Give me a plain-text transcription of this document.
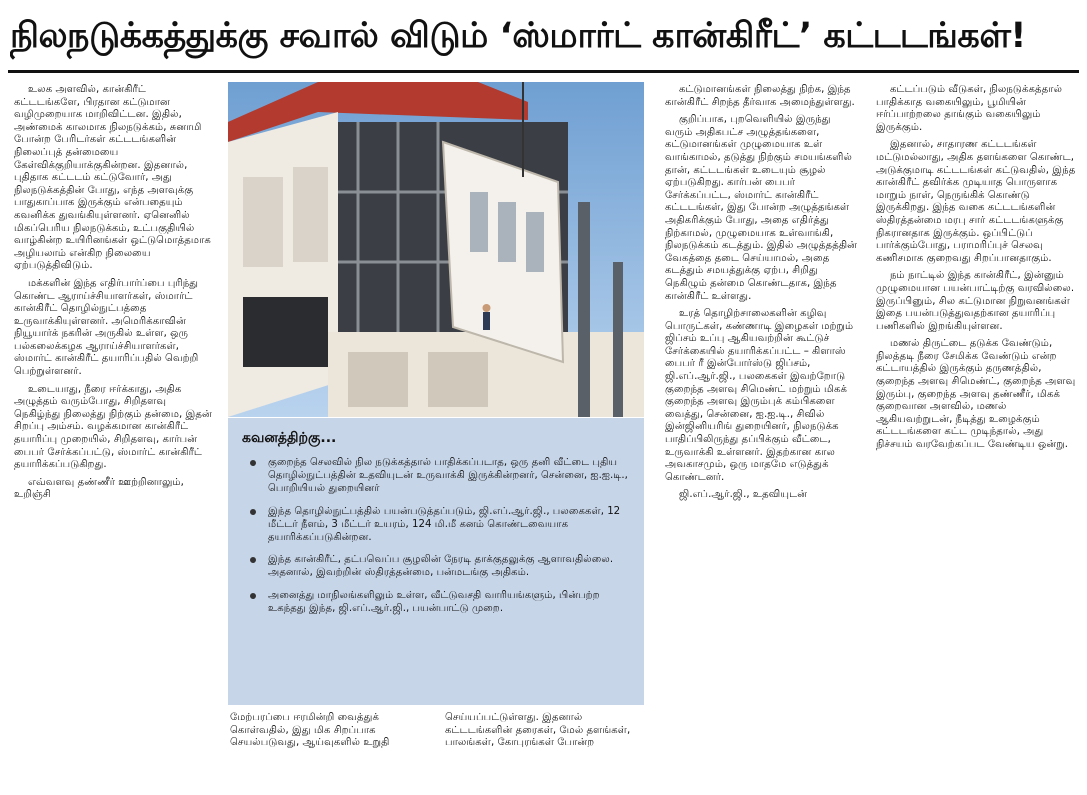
நிலநடுக்கத்துக்கு சவால் விடும் ‘ஸ்மார்ட் கான்கிரீட்’ கட்டடங்கள்!

உலக அளவில், கான்கிரீட் கட்டடங்களே, பிரதான கட்டுமான வழிமுறையாக மாறிவிட்டன. இதில், அண்மைக் காலமாக நிலநடுக்கம், சுனாமி போன்ற பேரிடர்கள் கட்டடங்களின் நிலைப்புத் தன்மையை கேள்விக்குறியாக்குகின்றன. இதனால், புதிதாக கட்டடம் கட்டுவோர், அது நிலநடுக்கத்தின் போது, எந்த அளவுக்கு பாதுகாப்பாக இருக்கும் என்பதையும் கவனிக்க துவங்கியுள்ளனர். ஏனெனில் மிகப்பெரிய நிலநடுக்கம், உட்பகுதியில் வாழ்கின்ற உயிரினங்கள் ஒட்டுமொத்தமாக அழியலாம் என்கிற நிலையை ஏற்படுத்திவிடும்.

மக்களின் இந்த எதிர்பார்ப்பை புரிந்து கொண்ட ஆராய்ச்சியாளர்கள், ஸ்மார்ட் கான்கிரீட் தொழில்நுட்பத்தை உருவாக்கியுள்ளனர். அமெரிக்காவின் நியூயார்க் நகரின் அருகில் உள்ள, ஒரு பல்கலைக்கழக ஆராய்ச்சியாளர்கள், ஸ்மார்ட் கான்கிரீட் தயாரிப்பதில் வெற்றி பெற்றுள்ளனர்.

உடையாது, நீரை ஈர்க்காது, அதிக அழுத்தம் வரும்போது, சிறிதளவு நெகிழ்ந்து நிலைத்து நிற்கும் தன்மை, இதன் சிறப்பு அம்சம். வழக்கமான கான்கிரீட் தயாரிப்பு முறையில், சிறிதளவு, கார்பன் பைபர் சேர்க்கப்பட்டு, ஸ்மார்ட் கான்கிரீட் தயாரிக்கப்படுகிறது.

எவ்வளவு தண்ணீர் ஊற்றினாலும், உறிஞ்சி

கவனத்திற்கு...
குறைந்த செலவில் நில நடுக்கத்தால் பாதிக்கப்படாத, ஒரு தனி வீட்டை புதிய தொழில்நுட்பத்தின் உதவியுடன் உருவாக்கி இருக்கின்றனர், சென்னை, ஐ.ஐ.டி., பொறியியல் துறையினர்
இந்த தொழில்நுட்பத்தில் பயன்படுத்தப்படும், ஜி.எப்.ஆர்.ஜி., பலகைகள், 12 மீட்டர் நீளம், 3 மீட்டர் உயரம், 124 மி.மீ கனம் கொண்டவையாக தயாரிக்கப்படுகின்றன.
இந்த கான்கிரீட், தட்பவெப்ப சூழலின் நேரடி தாக்குதலுக்கு ஆளாவதில்லை. அதனால், இவற்றின் ஸ்திரத்தன்மை, பன்மடங்கு அதிகம்.
அனைத்து மாநிலங்களிலும் உள்ள, வீட்டுவசதி வாரியங்களும், பின்பற்ற உகந்தது இந்த, ஜி.எப்.ஆர்.ஜி., பயன்பாட்டு முறை.

மேற்பரப்பை ஈரமின்றி வைத்துக் கொள்வதில், இது மிக சிறப்பாக செயல்படுவது, ஆய்வுகளில் உறுதி

செய்யப்பட்டுள்ளது. இதனால் கட்டடங்களின் தரைகள், மேல் தளங்கள், பாலங்கள், கோபுரங்கள் போன்ற

கட்டுமானங்கள் நிலைத்து நிற்க, இந்த கான்கிரீட் சிறந்த தீர்வாக அமைந்துள்ளது.

குறிப்பாக, புறவெளியில் இருந்து வரும் அதிகபட்ச அழுத்தங்களை, கட்டுமானங்கள் முழுமையாக உள் வாங்காமல், தடுத்து நிற்கும் சமயங்களில் தான், கட்டடங்கள் உடையும் சூழல் ஏற்படுகிறது. கார்பன் பைபர் சேர்க்கப்பட்ட, ஸ்மார்ட் கான்கிரீட் கட்டடங்கள், இது போன்ற அழுத்தங்கள் அதிகரிக்கும் போது, அதை எதிர்த்து நிற்காமல், முழுமையாக உள்வாங்கி, நிலநடுக்கம் கடத்தும். இதில் அழுத்தத்தின் வேகத்தை தடை செய்யாமல், அதை கடத்தும் சமயத்துக்கு ஏற்ப, சிறிது நெகிழும் தன்மை கொண்டதாக, இந்த கான்கிரீட் உள்ளது.

உரத் தொழிற்சாலைகளின் கழிவு பொருட்கள், கண்ணாடி இழைகள் மற்றும் ஜிப்சம் உப்பு ஆகியவற்றின் கூட்டுச் சேர்க்கையில் தயாரிக்கப்பட்ட – கிளாஸ் பைபர் ரீ இன்போர்ஸ்டு ஜிப்சம், ஜி.எப்.ஆர்.ஜி., பலகைகள் இவற்றோடு குறைந்த அளவு சிமெண்ட் மற்றும் மிகக் குறைந்த அளவு இரும்புக் கம்பிகளை வைத்து, சென்னை, ஐ.ஐ.டி., சிவில் இன்ஜினியரிங் துறையினர், நிலநடுக்க பாதிப்பிலிருந்து தப்பிக்கும் வீட்டை, உருவாக்கி உள்ளனர். இதற்கான கால அவகாசமும், ஒரு மாதமே எடுத்துக் கொண்டனர்.

ஜி.எப்.ஆர்.ஜி., உதவியுடன்

கட்டப்படும் வீடுகள், நிலநடுக்கத்தால் பாதிக்காத வகையிலும், பூமியின் ஈர்ப்பாற்றலை தாங்கும் வகையிலும் இருக்கும்.

இதனால், சாதாரண கட்டடங்கள் மட்டுமல்லாது, அதிக தளங்களை கொண்ட, அடுக்குமாடி கட்டடங்கள் கட்டுவதில், இந்த கான்கிரீட் தவிர்க்க முடியாத பொருளாக மாறும் நாள், நெருங்கிக் கொண்டு இருக்கிறது. இந்த வகை கட்டடங்களின் ஸ்திரத்தன்மை மரபு சார் கட்டடங்களுக்கு நிகரானதாக இருக்கும். ஒப்பிட்டுப் பார்க்கும்போது, பராமரிப்புச் செலவு கணிசமாக குறைவது சிறப்பானதாகும்.

நம் நாட்டில் இந்த கான்கிரீட், இன்னும் முழுமையான பயன்பாட்டிற்கு வரவில்லை. இருப்பினும், சில கட்டுமான நிறுவனங்கள் இதை பயன்படுத்துவதற்கான தயாரிப்பு பணிகளில் இறங்கியுள்ளன.

மணல் திருட்டை தடுக்க வேண்டும், நிலத்தடி நீரை சேமிக்க வேண்டும் என்ற கட்டாயத்தில் இருக்கும் தருணத்தில், குறைந்த அளவு சிமெண்ட், குறைந்த அளவு இரும்பு, குறைந்த அளவு தண்ணீர், மிகக் குறைவான அளவில், மணல் ஆகியவற்றுடன், நீடித்து உழைக்கும் கட்டடங்களை கட்ட முடிந்தால், அது நிச்சயம் வரவேற்கப்பட வேண்டிய ஒன்று.
